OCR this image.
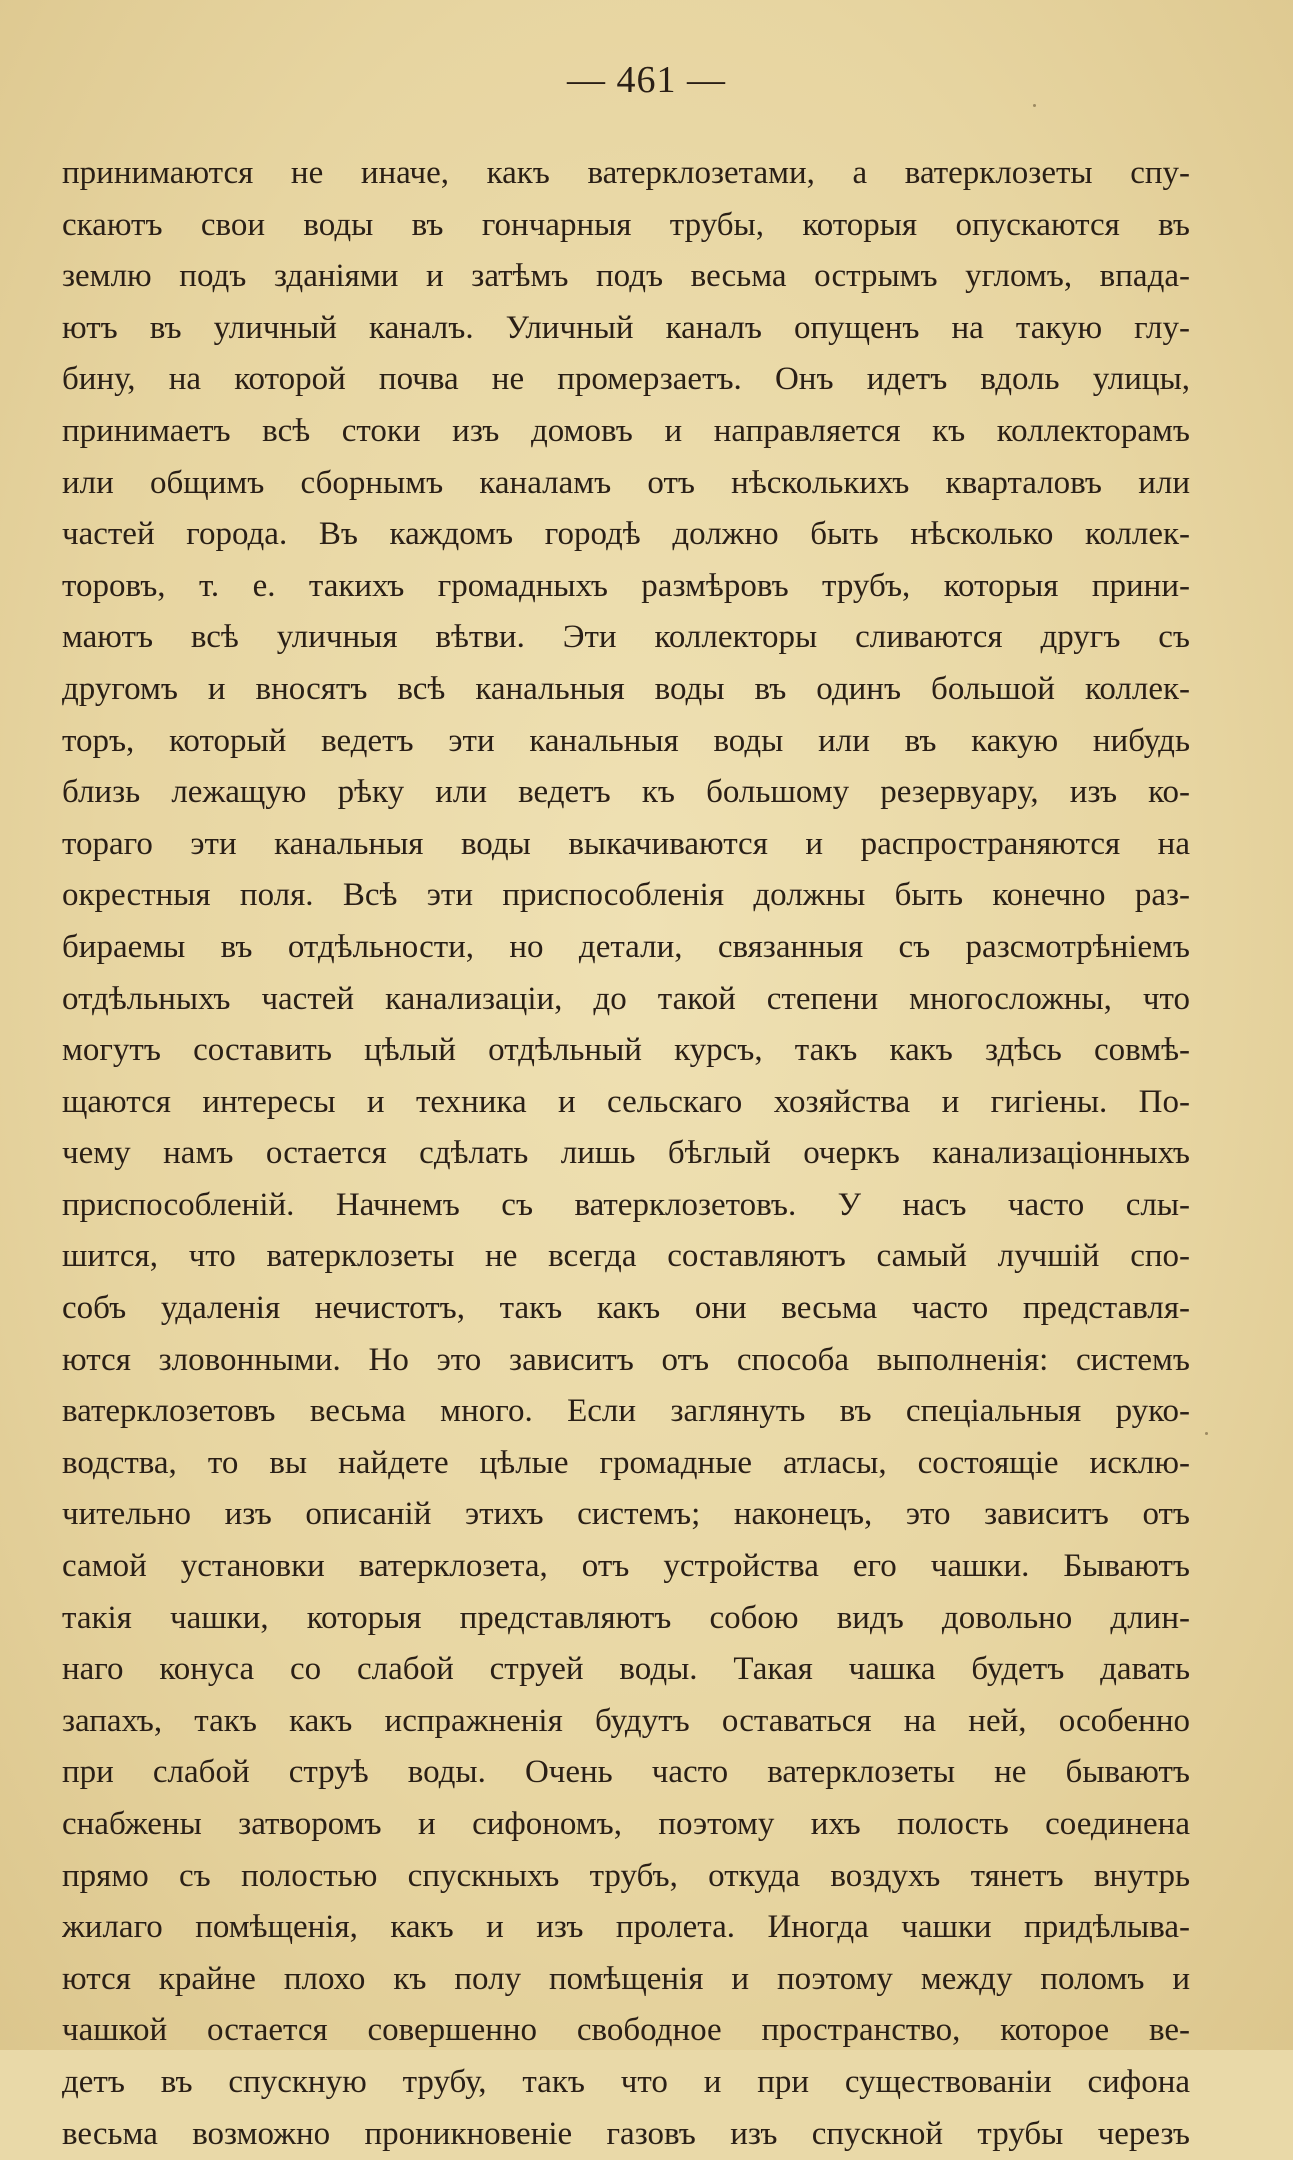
— 461 —
принимаются не иначе, какъ ватерклозетами, а ватерклозеты спу-
скаютъ свои воды въ гончарныя трубы, которыя опускаются въ
землю подъ зданіями и затѣмъ подъ весьма острымъ угломъ, впада-
ютъ въ уличный каналъ. Уличный каналъ опущенъ на такую глу-
бину, на которой почва не промерзаетъ. Онъ идетъ вдоль улицы,
принимаетъ всѣ стоки изъ домовъ и направляется къ коллекторамъ
или общимъ сборнымъ каналамъ отъ нѣсколькихъ кварталовъ или
частей города. Въ каждомъ городѣ должно быть нѣсколько коллек-
торовъ, т. е. такихъ громадныхъ размѣровъ трубъ, которыя прини-
маютъ всѣ уличныя вѣтви. Эти коллекторы сливаются другъ съ
другомъ и вносятъ всѣ канальныя воды въ одинъ большой коллек-
торъ, который ведетъ эти канальныя воды или въ какую нибудь
близь лежащую рѣку или ведетъ къ большому резервуару, изъ ко-
тораго эти канальныя воды выкачиваются и распространяются на
окрестныя поля. Всѣ эти приспособленія должны быть конечно раз-
бираемы въ отдѣльности, но детали, связанныя съ разсмотрѣніемъ
отдѣльныхъ частей канализаціи, до такой степени многосложны, что
могутъ составить цѣлый отдѣльный курсъ, такъ какъ здѣсь совмѣ-
щаются интересы и техника и сельскаго хозяйства и гигіены. По-
чему намъ остается сдѣлать лишь бѣглый очеркъ канализаціонныхъ
приспособленій. Начнемъ съ ватерклозетовъ. У насъ часто слы-
шится, что ватерклозеты не всегда составляютъ самый лучшій спо-
собъ удаленія нечистотъ, такъ какъ они весьма часто представля-
ются зловонными. Но это зависитъ отъ способа выполненія: системъ
ватерклозетовъ весьма много. Если заглянуть въ спеціальныя руко-
водства, то вы найдете цѣлые громадные атласы, состоящіе исклю-
чительно изъ описаній этихъ системъ; наконецъ, это зависитъ отъ
самой установки ватерклозета, отъ устройства его чашки. Бываютъ
такія чашки, которыя представляютъ собою видъ довольно длин-
наго конуса со слабой струей воды. Такая чашка будетъ давать
запахъ, такъ какъ испражненія будутъ оставаться на ней, особенно
при слабой струѣ воды. Очень часто ватерклозеты не бываютъ
снабжены затворомъ и сифономъ, поэтому ихъ полость соединена
прямо съ полостью спускныхъ трубъ, откуда воздухъ тянетъ внутрь
жилаго помѣщенія, какъ и изъ пролета. Иногда чашки придѣлыва-
ются крайне плохо къ полу помѣщенія и поэтому между поломъ и
чашкой остается совершенно свободное пространство, которое ве-
детъ въ спускную трубу, такъ что и при существованіи сифона
весьма возможно проникновеніе газовъ изъ спускной трубы черезъ
